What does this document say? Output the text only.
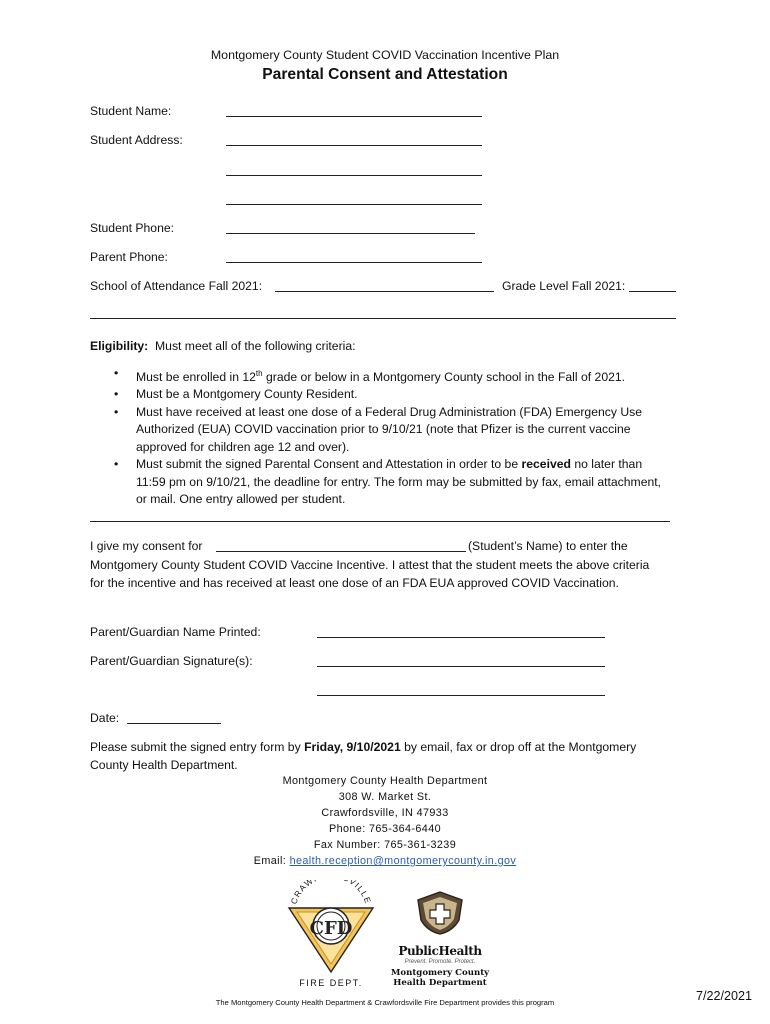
Montgomery County Student COVID Vaccination Incentive Plan
Parental Consent and Attestation
Student Name:
Student Address:
Student Phone:
Parent Phone:
School of Attendance Fall 2021:	Grade Level Fall 2021:
Eligibility: Must meet all of the following criteria:
• Must be enrolled in 12th grade or below in a Montgomery County school in the Fall of 2021.
• Must be a Montgomery County Resident.
• Must have received at least one dose of a Federal Drug Administration (FDA) Emergency Use Authorized (EUA) COVID vaccination prior to 9/10/21 (note that Pfizer is the current vaccine approved for children age 12 and over).
• Must submit the signed Parental Consent and Attestation in order to be received no later than 11:59 pm on 9/10/21, the deadline for entry. The form may be submitted by fax, email attachment, or mail. One entry allowed per student.
I give my consent for	(Student’s Name) to enter the
Montgomery County Student COVID Vaccine Incentive. I attest that the student meets the above criteria for the incentive and has received at least one dose of an FDA EUA approved COVID Vaccination.
Parent/Guardian Name Printed:
Parent/Guardian Signature(s):
Date:
Please submit the signed entry form by Friday, 9/10/2021 by email, fax or drop off at the Montgomery County Health Department.
Montgomery County Health Department
308 W. Market St.
Crawfordsville, IN 47933
Phone: 765-364-6440
Fax Number: 765-361-3239
Email: health.reception@montgomerycounty.in.gov
CFD
CRAW VILLE
FIRE DEPT.
PublicHealth
Prevent. Promote. Protect.
Montgomery County
Health Department
The Montgomery County Health Department & Crawfordsville Fire Department provides this program	7/22/2021
